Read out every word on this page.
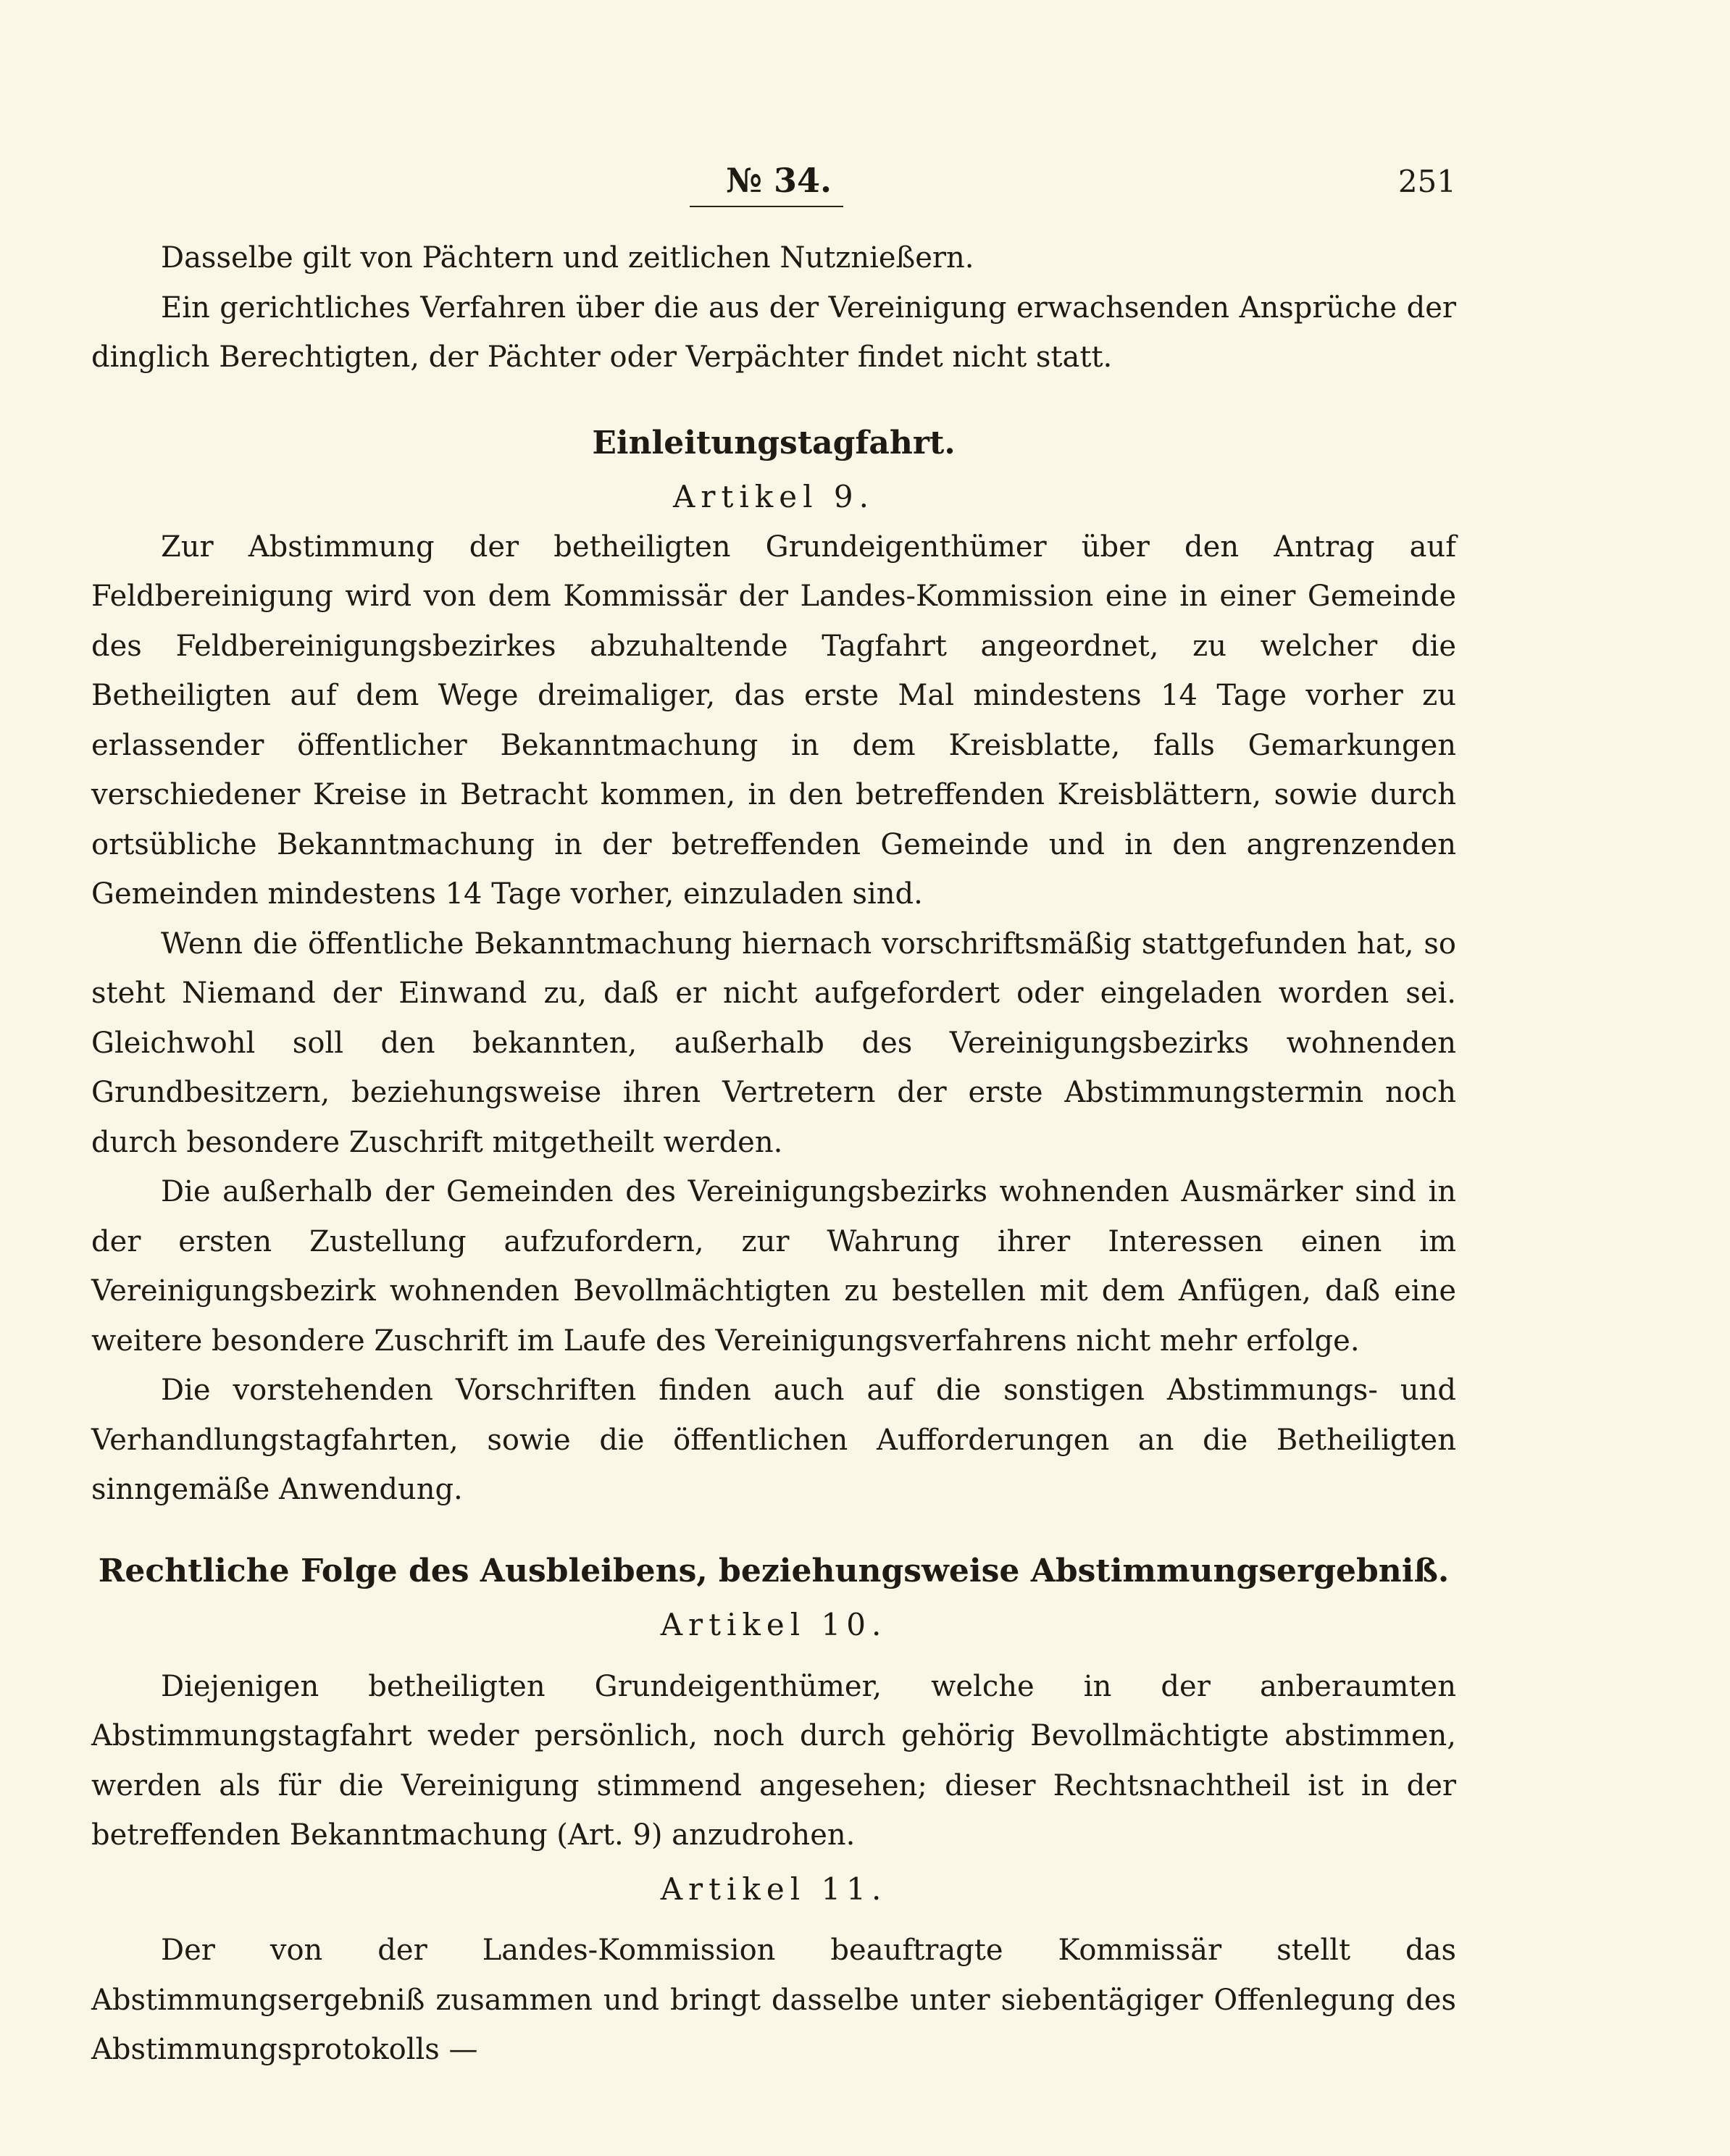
№ 34.	251

Dasselbe gilt von Pächtern und zeitlichen Nutznießern.

Ein gerichtliches Verfahren über die aus der Vereinigung erwachsenden Ansprüche der dinglich Berechtigten, der Pächter oder Verpächter findet nicht statt.

Einleitungstagfahrt.

Artikel 9.

Zur Abstimmung der betheiligten Grundeigenthümer über den Antrag auf Feldbereinigung wird von dem Kommissär der Landes-Kommission eine in einer Gemeinde des Feldbereinigungsbezirkes abzuhaltende Tagfahrt angeordnet, zu welcher die Betheiligten auf dem Wege dreimaliger, das erste Mal mindestens 14 Tage vorher zu erlassender öffentlicher Bekanntmachung in dem Kreisblatte, falls Gemarkungen verschiedener Kreise in Betracht kommen, in den betreffenden Kreisblättern, sowie durch ortsübliche Bekanntmachung in der betreffenden Gemeinde und in den angrenzenden Gemeinden mindestens 14 Tage vorher, einzuladen sind.

Wenn die öffentliche Bekanntmachung hiernach vorschriftsmäßig stattgefunden hat, so steht Niemand der Einwand zu, daß er nicht aufgefordert oder eingeladen worden sei. Gleichwohl soll den bekannten, außerhalb des Vereinigungsbezirks wohnenden Grundbesitzern, beziehungsweise ihren Vertretern der erste Abstimmungstermin noch durch besondere Zuschrift mitgetheilt werden.

Die außerhalb der Gemeinden des Vereinigungsbezirks wohnenden Ausmärker sind in der ersten Zustellung aufzufordern, zur Wahrung ihrer Interessen einen im Vereinigungsbezirk wohnenden Bevollmächtigten zu bestellen mit dem Anfügen, daß eine weitere besondere Zuschrift im Laufe des Vereinigungsverfahrens nicht mehr erfolge.

Die vorstehenden Vorschriften finden auch auf die sonstigen Abstimmungs- und Verhandlungstagfahrten, sowie die öffentlichen Aufforderungen an die Betheiligten sinngemäße Anwendung.

Rechtliche Folge des Ausbleibens, beziehungsweise Abstimmungsergebniß.

Artikel 10.

Diejenigen betheiligten Grundeigenthümer, welche in der anberaumten Abstimmungstagfahrt weder persönlich, noch durch gehörig Bevollmächtigte abstimmen, werden als für die Vereinigung stimmend angesehen; dieser Rechtsnachtheil ist in der betreffenden Bekanntmachung (Art. 9) anzudrohen.

Artikel 11.

Der von der Landes-Kommission beauftragte Kommissär stellt das Abstimmungsergebniß zusammen und bringt dasselbe unter siebentägiger Offenlegung des Abstimmungsprotokolls —
